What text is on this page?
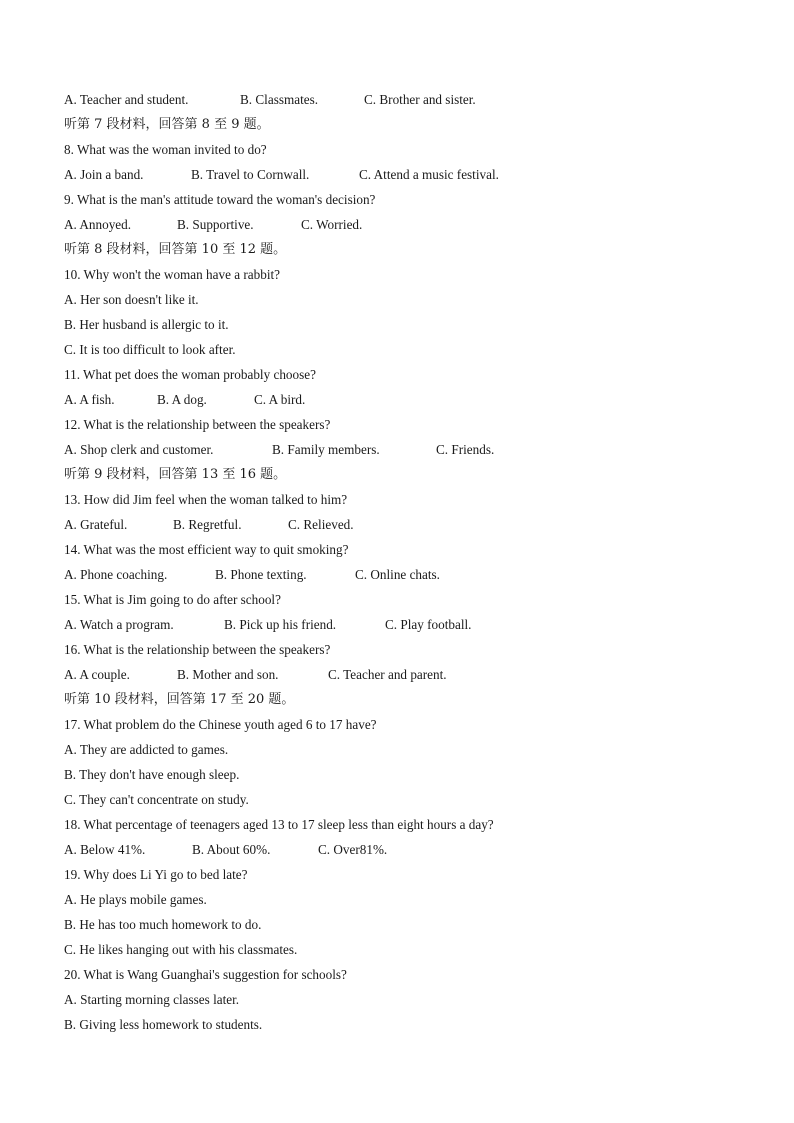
A. Teacher and student.	B. Classmates.	C. Brother and sister.
听第 7 段材料，回答第 8 至 9 题。
8. What was the woman invited to do?
A. Join a band.	B. Travel to Cornwall.	C. Attend a music festival.
9. What is the man's attitude toward the woman's decision?
A. Annoyed.	B. Supportive.	C. Worried.
听第 8 段材料，回答第 10 至 12 题。
10. Why won't the woman have a rabbit?
A. Her son doesn't like it.
B. Her husband is allergic to it.
C. It is too difficult to look after.
11. What pet does the woman probably choose?
A. A fish.	B. A dog.	C. A bird.
12. What is the relationship between the speakers?
A. Shop clerk and customer.	B. Family members.	C. Friends.
听第 9 段材料，回答第 13 至 16 题。
13. How did Jim feel when the woman talked to him?
A. Grateful.	B. Regretful.	C. Relieved.
14. What was the most efficient way to quit smoking?
A. Phone coaching.	B. Phone texting.	C. Online chats.
15. What is Jim going to do after school?
A. Watch a program.	B. Pick up his friend.	C. Play football.
16. What is the relationship between the speakers?
A. A couple.	B. Mother and son.	C. Teacher and parent.
听第 10 段材料，回答第 17 至 20 题。
17. What problem do the Chinese youth aged 6 to 17 have?
A. They are addicted to games.
B. They don't have enough sleep.
C. They can't concentrate on study.
18. What percentage of teenagers aged 13 to 17 sleep less than eight hours a day?
A. Below 41%.	B. About 60%.	C. Over81%.
19. Why does Li Yi go to bed late?
A. He plays mobile games.
B. He has too much homework to do.
C. He likes hanging out with his classmates.
20. What is Wang Guanghai's suggestion for schools?
A. Starting morning classes later.
B. Giving less homework to students.
